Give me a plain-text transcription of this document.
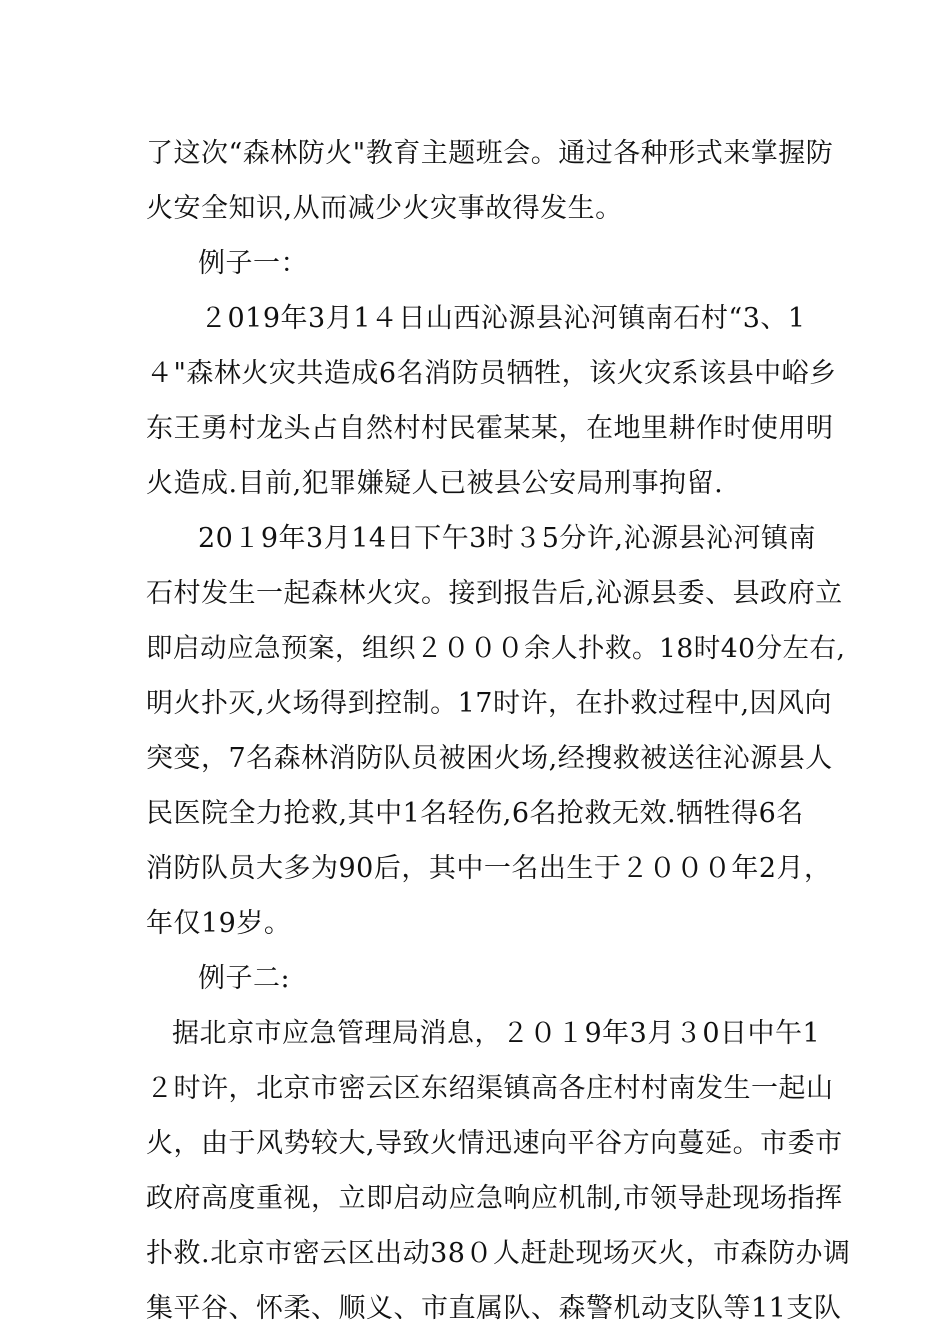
了这次“森林防火"教育主题班会。通过各种形式来掌握防
火安全知识,从而减少火灾事故得发生。
例子一：
２019年3月1４日山西沁源县沁河镇南石村“3、1
４"森林火灾共造成6名消防员牺牲，该火灾系该县中峪乡
东王勇村龙头占自然村村民霍某某，在地里耕作时使用明
火造成.目前,犯罪嫌疑人已被县公安局刑事拘留.
20１9年3月14日下午3时３5分许,沁源县沁河镇南
石村发生一起森林火灾。接到报告后,沁源县委、县政府立
即启动应急预案，组织２０００余人扑救。18时40分左右,
明火扑灭,火场得到控制。17时许，在扑救过程中,因风向
突变，7名森林消防队员被困火场,经搜救被送往沁源县人
民医院全力抢救,其中1名轻伤,6名抢救无效.牺牲得6名
消防队员大多为90后，其中一名出生于２０００年2月，
年仅19岁。
例子二:
据北京市应急管理局消息，２０１9年3月３0日中午1
２时许，北京市密云区东绍渠镇高各庄村村南发生一起山
火，由于风势较大,导致火情迅速向平谷方向蔓延。市委市
政府高度重视，立即启动应急响应机制,市领导赴现场指挥
扑救.北京市密云区出动38０人赶赴现场灭火，市森防办调
集平谷、怀柔、顺义、市直属队、森警机动支队等11支队
